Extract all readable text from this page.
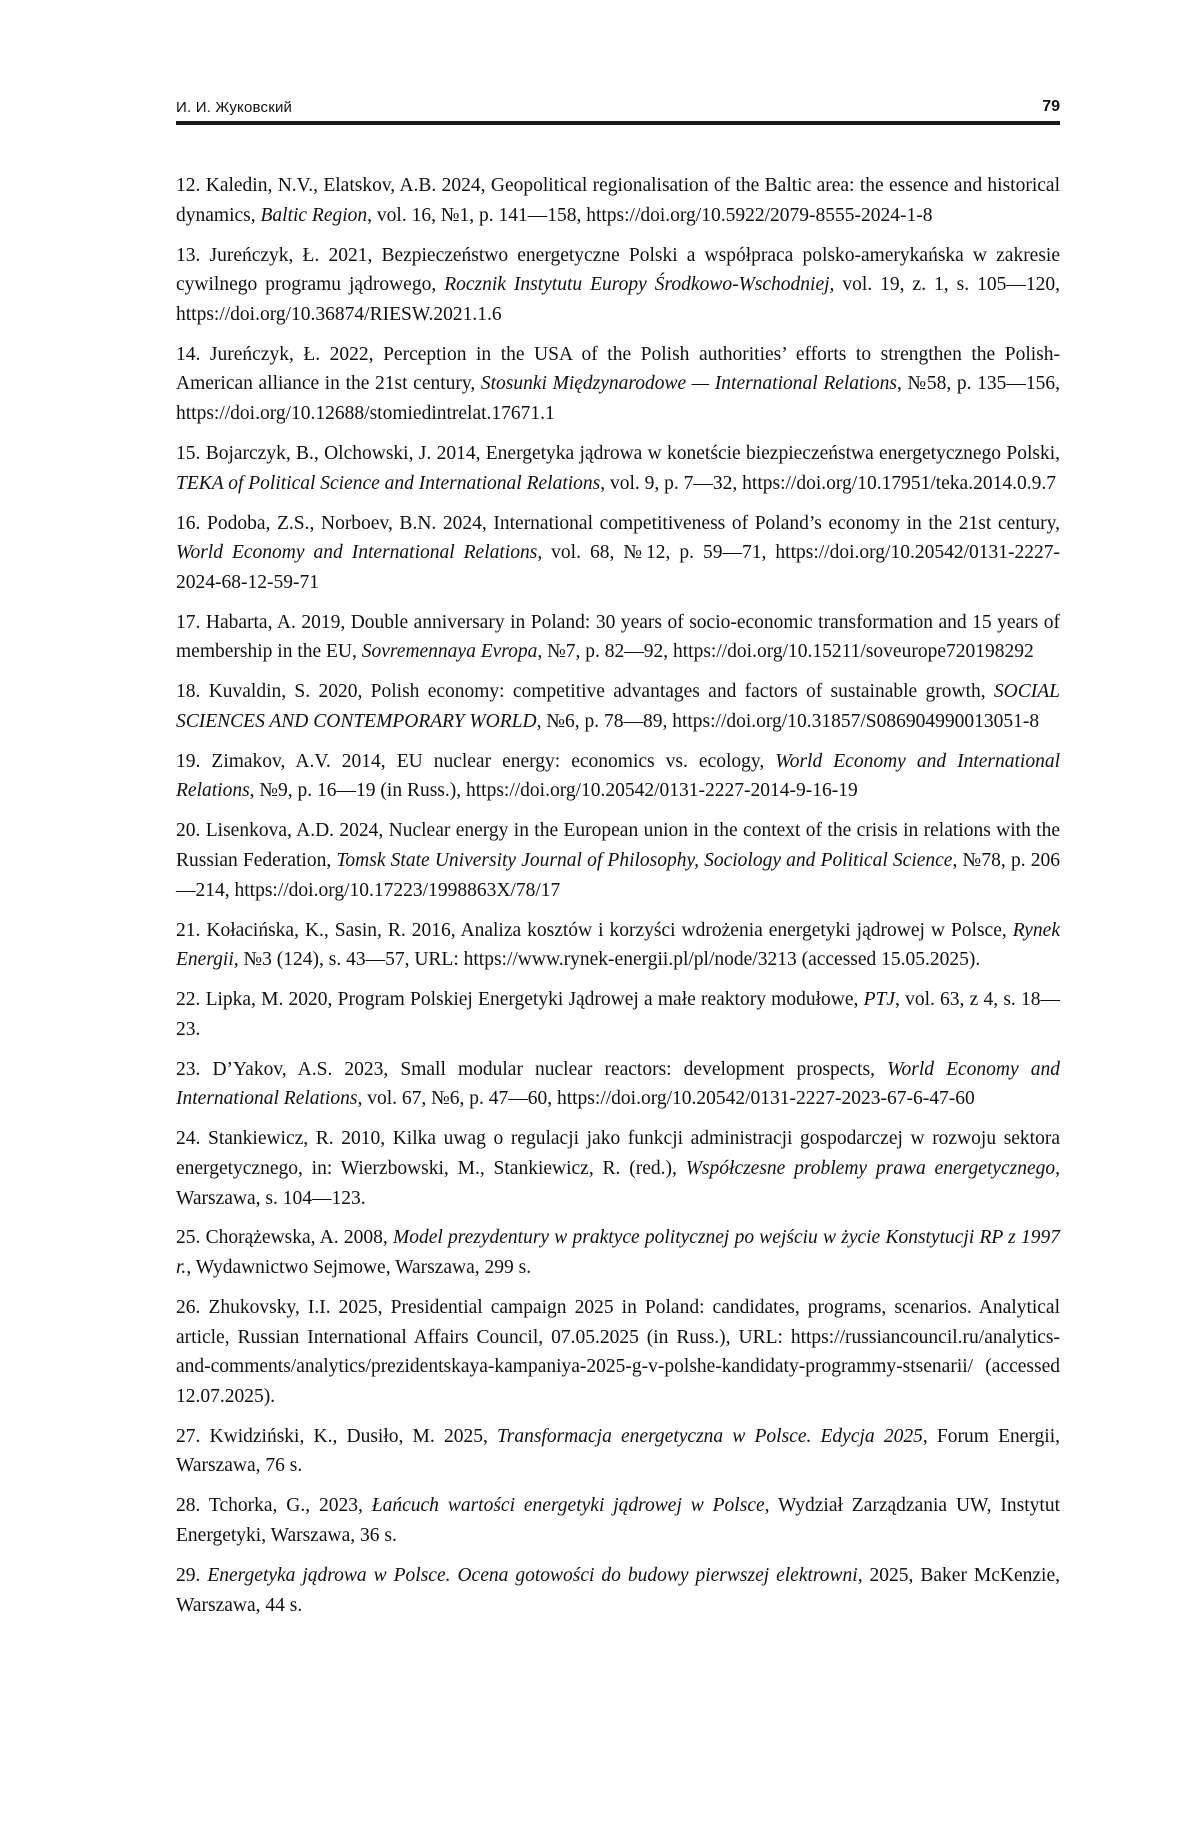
И. И. Жуковский	79
12. Kaledin, N.V., Elatskov, A.B. 2024, Geopolitical regionalisation of the Baltic area: the essence and historical dynamics, Baltic Region, vol. 16, №1, p. 141—158, https://doi.org/10.5922/2079-8555-2024-1-8
13. Jureńczyk, Ł. 2021, Bezpieczeństwo energetyczne Polski a współpraca polsko-amerykańska w zakresie cywilnego programu jądrowego, Rocznik Instytutu Europy Środkowo-Wschodniej, vol. 19, z. 1, s. 105—120, https://doi.org/10.36874/RIESW.2021.1.6
14. Jureńczyk, Ł. 2022, Perception in the USA of the Polish authorities’ efforts to strengthen the Polish-American alliance in the 21st century, Stosunki Międzynarodowe — International Relations, №58, p. 135—156, https://doi.org/10.12688/stomiedintrelat.17671.1
15. Bojarczyk, B., Olchowski, J. 2014, Energetyka jądrowa w konetście biezpieczeństwa energetycznego Polski, TEKA of Political Science and International Relations, vol. 9, p. 7—32, https://doi.org/10.17951/teka.2014.0.9.7
16. Podoba, Z.S., Norboev, B.N. 2024, International competitiveness of Poland’s economy in the 21st century, World Economy and International Relations, vol. 68, №12, p. 59—71, https://doi.org/10.20542/0131-2227-2024-68-12-59-71
17. Habarta, A. 2019, Double anniversary in Poland: 30 years of socio-economic transformation and 15 years of membership in the EU, Sovremennaya Evropa, №7, p. 82—92, https://doi.org/10.15211/soveurope720198292
18. Kuvaldin, S. 2020, Polish economy: competitive advantages and factors of sustainable growth, SOCIAL SCIENCES AND CONTEMPORARY WORLD, №6, p. 78—89, https://doi.org/10.31857/S086904990013051-8
19. Zimakov, A.V. 2014, EU nuclear energy: economics vs. ecology, World Economy and International Relations, №9, p. 16—19 (in Russ.), https://doi.org/10.20542/0131-2227-2014-9-16-19
20. Lisenkova, A.D. 2024, Nuclear energy in the European union in the context of the crisis in relations with the Russian Federation, Tomsk State University Journal of Philosophy, Sociology and Political Science, №78, p. 206—214, https://doi.org/10.17223/1998863X/78/17
21. Kołacińska, K., Sasin, R. 2016, Analiza kosztów i korzyści wdrożenia energetyki jądrowej w Polsce, Rynek Energii, №3 (124), s. 43—57, URL: https://www.rynek-energii.pl/pl/node/3213 (accessed 15.05.2025).
22. Lipka, M. 2020, Program Polskiej Energetyki Jądrowej a małe reaktory modułowe, PTJ, vol. 63, z 4, s. 18—23.
23. D’Yakov, A.S. 2023, Small modular nuclear reactors: development prospects, World Economy and International Relations, vol. 67, №6, p. 47—60, https://doi.org/10.20542/0131-2227-2023-67-6-47-60
24. Stankiewicz, R. 2010, Kilka uwag o regulacji jako funkcji administracji gospodarczej w rozwoju sektora energetycznego, in: Wierzbowski, M., Stankiewicz, R. (red.), Współczesne problemy prawa energetycznego, Warszawa, s. 104—123.
25. Chorążewska, A. 2008, Model prezydentury w praktyce politycznej po wejściu w życie Konstytucji RP z 1997 r., Wydawnictwo Sejmowe, Warszawa, 299 s.
26. Zhukovsky, I.I. 2025, Presidential campaign 2025 in Poland: candidates, programs, scenarios. Analytical article, Russian International Affairs Council, 07.05.2025 (in Russ.), URL: https://russiancouncil.ru/analytics-and-comments/analytics/prezidentskaya-kampaniya-2025-g-v-polshe-kandidaty-programmy-stsenarii/ (accessed 12.07.2025).
27. Kwidziński, K., Dusiło, M. 2025, Transformacja energetyczna w Polsce. Edycja 2025, Forum Energii, Warszawa, 76 s.
28. Tchorka, G., 2023, Łańcuch wartości energetyki jądrowej w Polsce, Wydział Zarządzania UW, Instytut Energetyki, Warszawa, 36 s.
29. Energetyka jądrowa w Polsce. Ocena gotowości do budowy pierwszej elektrowni, 2025, Baker McKenzie, Warszawa, 44 s.
